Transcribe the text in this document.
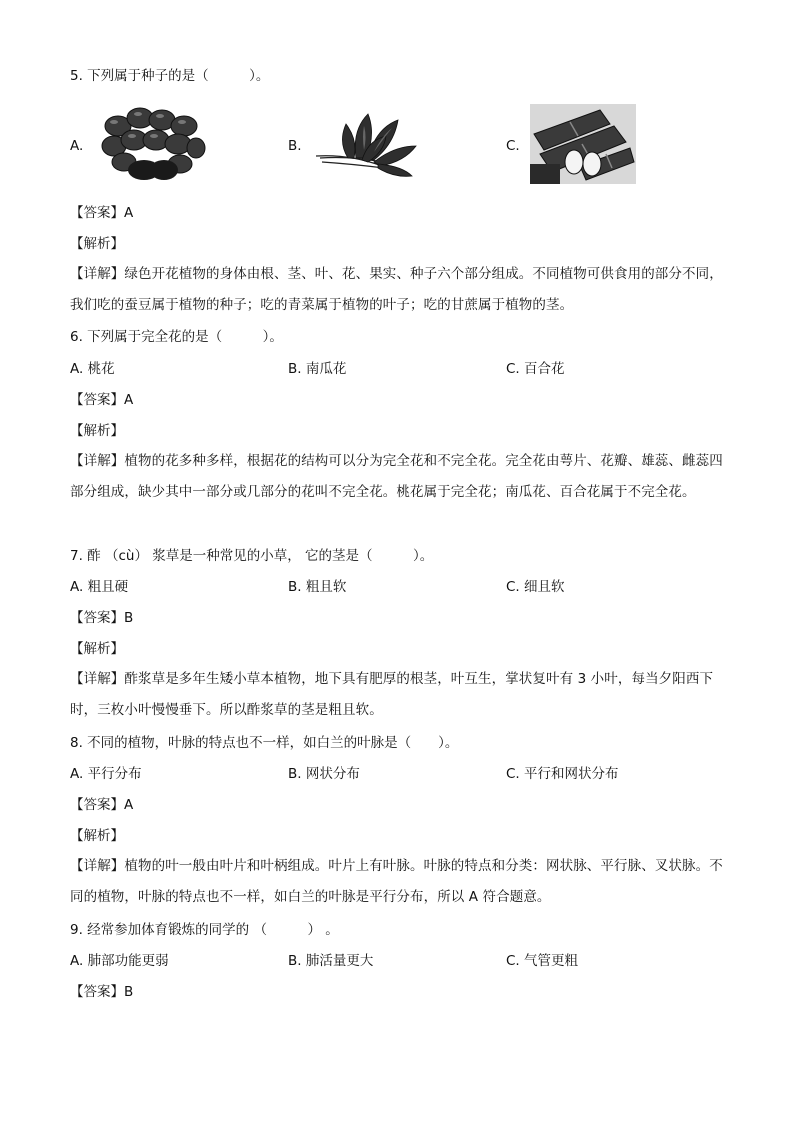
5. 下列属于种子的是（　　　）。
A.	B.	C.
【答案】A
【解析】
【详解】绿色开花植物的身体由根、茎、叶、花、果实、种子六个部分组成。不同植物可供食用的部分不同，我们吃的蚕豆属于植物的种子；吃的青菜属于植物的叶子；吃的甘蔗属于植物的茎。
6. 下列属于完全花的是（　　　）。
A. 桃花	B. 南瓜花	C. 百合花
【答案】A
【解析】
【详解】植物的花多种多样，根据花的结构可以分为完全花和不完全花。完全花由萼片、花瓣、雄蕊、雌蕊四部分组成，缺少其中一部分或几部分的花叫不完全花。桃花属于完全花；南瓜花、百合花属于不完全花。
7. 酢 （cù） 浆草是一种常见的小草， 它的茎是（　　　）。
A. 粗且硬	B. 粗且软	C. 细且软
【答案】B
【解析】
【详解】酢浆草是多年生矮小草本植物，地下具有肥厚的根茎，叶互生，掌状复叶有 3 小叶，每当夕阳西下时，三枚小叶慢慢垂下。所以酢浆草的茎是粗且软。
8. 不同的植物，叶脉的特点也不一样，如白兰的叶脉是（　　）。
A. 平行分布	B. 网状分布	C. 平行和网状分布
【答案】A
【解析】
【详解】植物的叶一般由叶片和叶柄组成。叶片上有叶脉。叶脉的特点和分类：网状脉、平行脉、叉状脉。不同的植物，叶脉的特点也不一样，如白兰的叶脉是平行分布，所以 A 符合题意。
9. 经常参加体育锻炼的同学的 （　　　） 。
A. 肺部功能更弱	B. 肺活量更大	C. 气管更粗
【答案】B
